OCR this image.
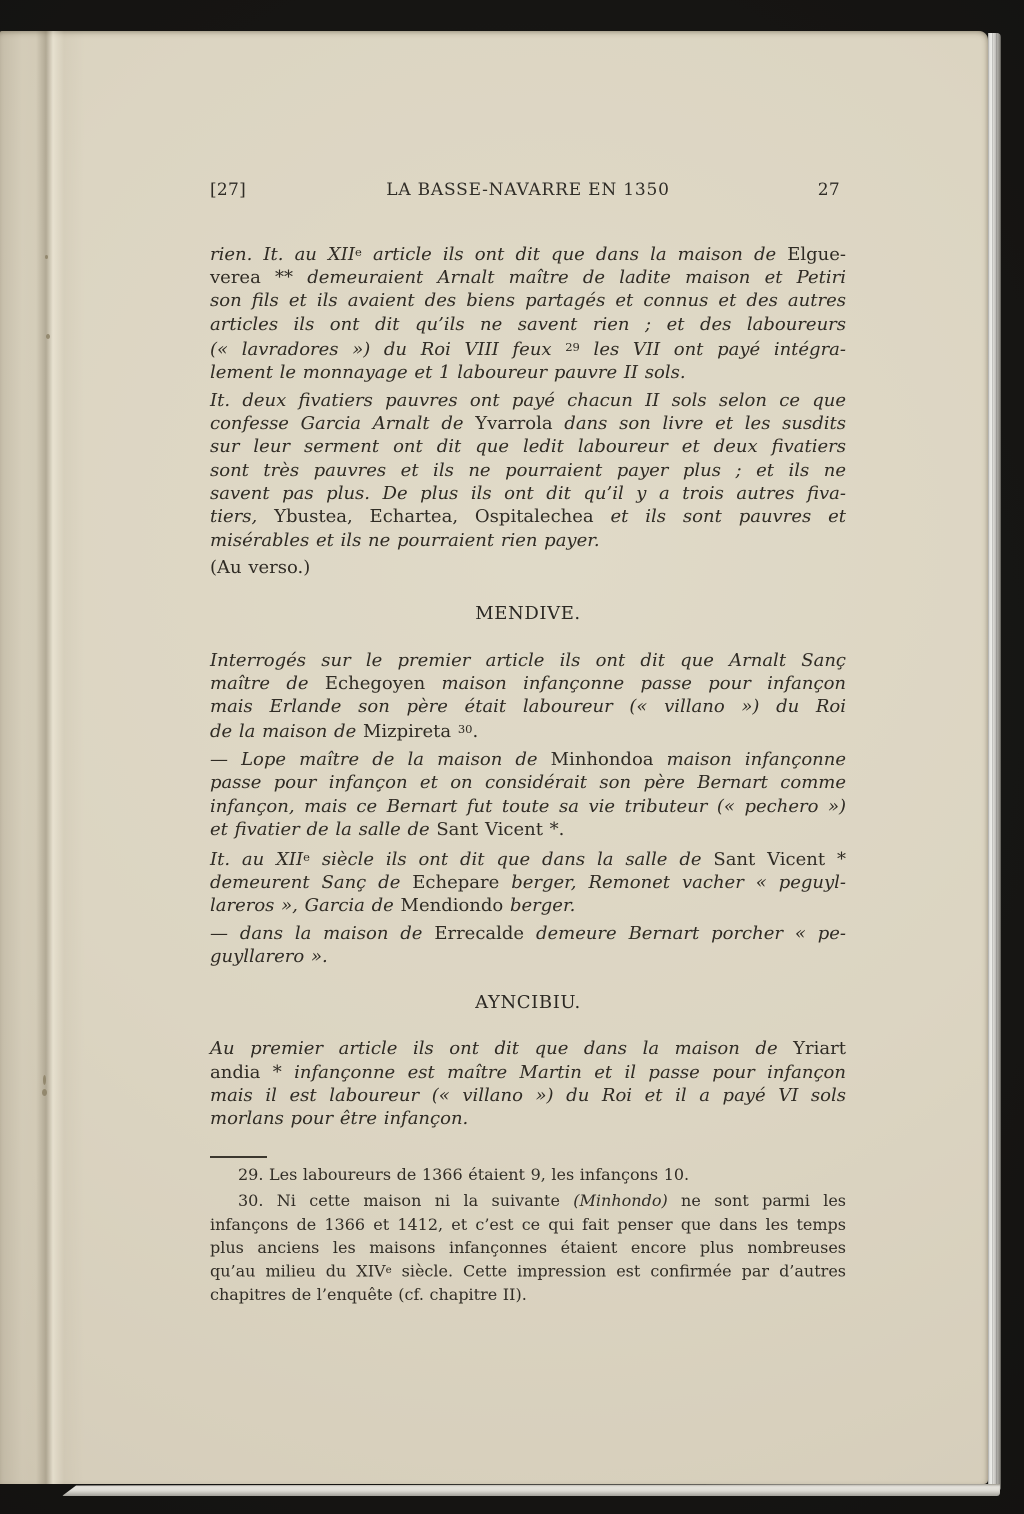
[27]	LA BASSE-NAVARRE EN 1350	27
rien. It. au XIIe article ils ont dit que dans la maison de Elgue-
verea ** demeuraient Arnalt maître de ladite maison et Petiri
son fils et ils avaient des biens partagés et connus et des autres
articles ils ont dit qu’ils ne savent rien ; et des laboureurs
(« lavradores ») du Roi VIII feux $^{29}$ les VII ont payé intégra-
lement le monnayage et 1 laboureur pauvre II sols.
It. deux fivatiers pauvres ont payé chacun II sols selon ce que
confesse Garcia Arnalt de Yvarrola dans son livre et les susdits
sur leur serment ont dit que ledit laboureur et deux fivatiers
sont très pauvres et ils ne pourraient payer plus ; et ils ne
savent pas plus. De plus ils ont dit qu’il y a trois autres fiva-
tiers, Ybustea, Echartea, Ospitalechea et ils sont pauvres et
misérables et ils ne pourraient rien payer.
(Au verso.)
MENDIVE.
Interrogés sur le premier article ils ont dit que Arnalt Sanç
maître de Echegoyen maison infançonne passe pour infançon
mais Erlande son père était laboureur (« villano ») du Roi
de la maison de Mizpireta $^{30}$.
— Lope maître de la maison de Minhondoa maison infançonne
passe pour infançon et on considérait son père Bernart comme
infançon, mais ce Bernart fut toute sa vie tributeur (« pechero »)
et fivatier de la salle de Sant Vicent *.
It. au XIIe siècle ils ont dit que dans la salle de Sant Vicent *
demeurent Sanç de Echepare berger, Remonet vacher « peguyl-
lareros », Garcia de Mendiondo berger.
— dans la maison de Errecalde demeure Bernart porcher « pe-
guyllarero ».
AYNCIBIU.
Au premier article ils ont dit que dans la maison de Yriart
andia * infançonne est maître Martin et il passe pour infançon
mais il est laboureur (« villano ») du Roi et il a payé VI sols
morlans pour être infançon.
29. Les laboureurs de 1366 étaient 9, les infançons 10.
30. Ni cette maison ni la suivante (Minhondo) ne sont parmi les
infançons de 1366 et 1412, et c’est ce qui fait penser que dans les temps
plus anciens les maisons infançonnes étaient encore plus nombreuses
qu’au milieu du XIVe siècle. Cette impression est confirmée par d’autres
chapitres de l’enquête (cf. chapitre II).
